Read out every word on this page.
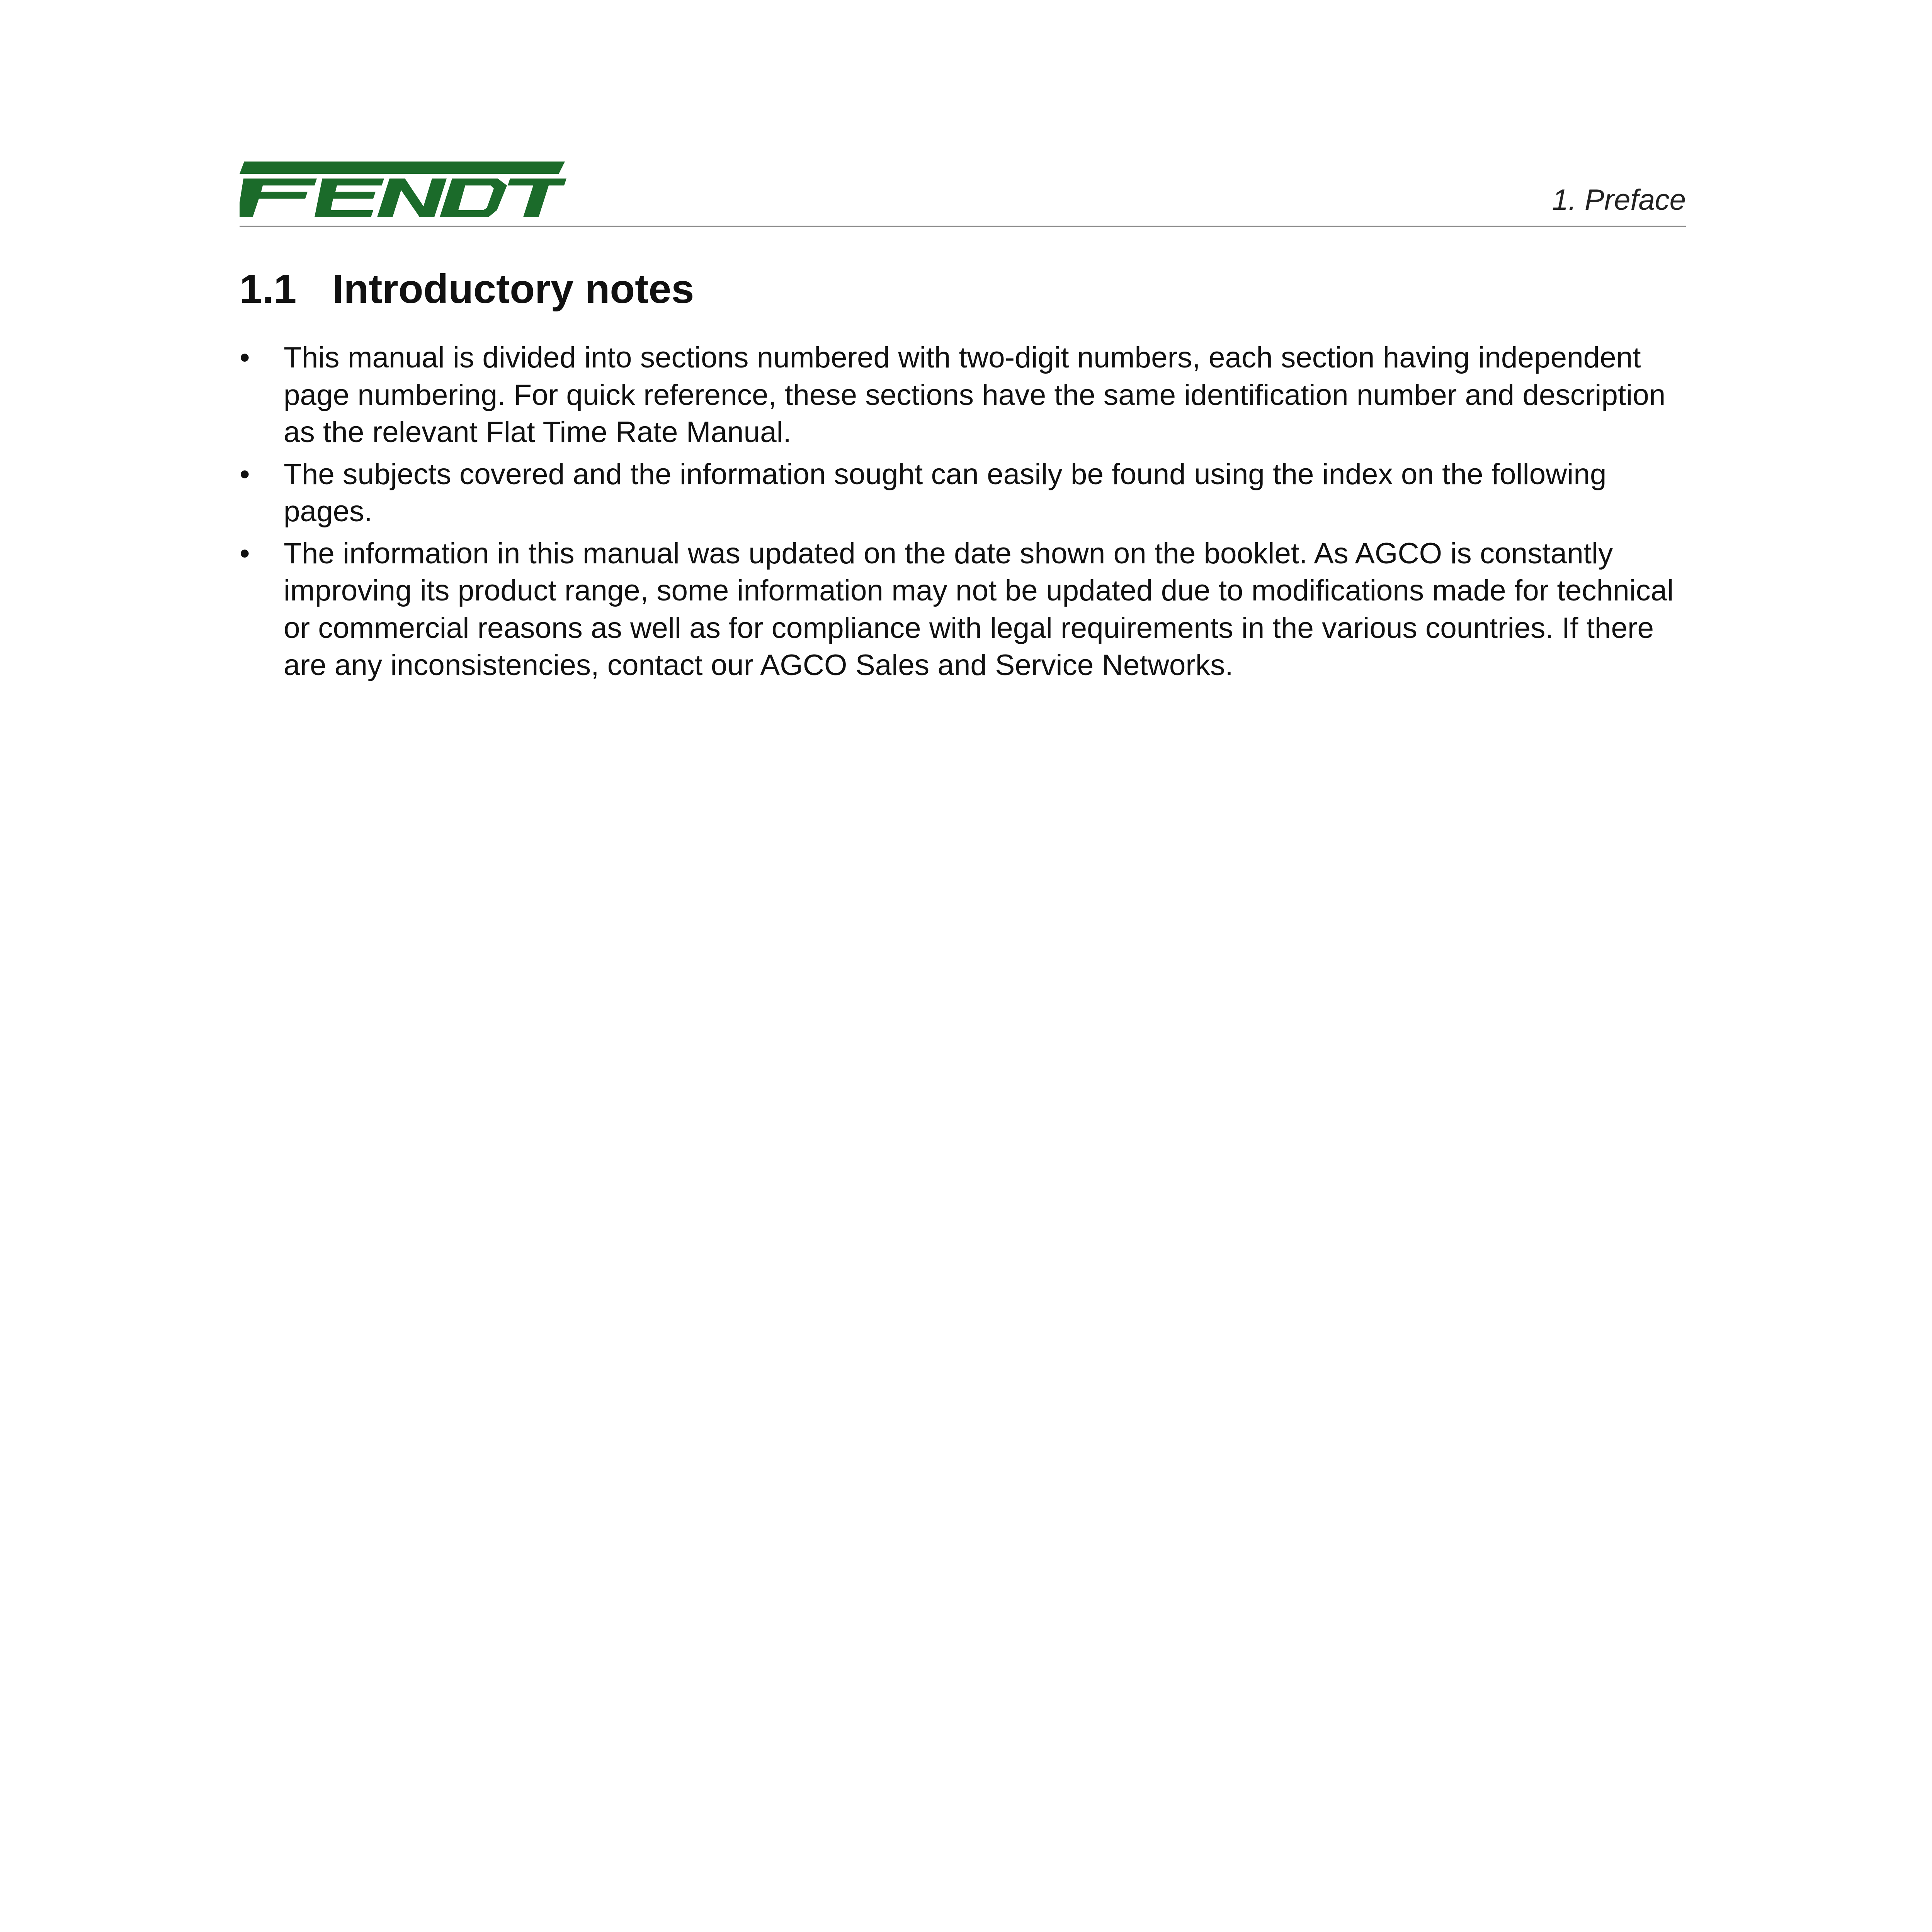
1. Preface
1.1 Introductory notes
• This manual is divided into sections numbered with two-digit numbers, each section having independent page numbering. For quick reference, these sections have the same identification number and description as the relevant Flat Time Rate Manual.
• The subjects covered and the information sought can easily be found using the index on the following pages.
• The information in this manual was updated on the date shown on the booklet. As AGCO is constantly improving its product range, some information may not be updated due to modifications made for technical or commercial reasons as well as for compliance with legal requirements in the various countries. If there are any inconsistencies, contact our AGCO Sales and Service Networks.
